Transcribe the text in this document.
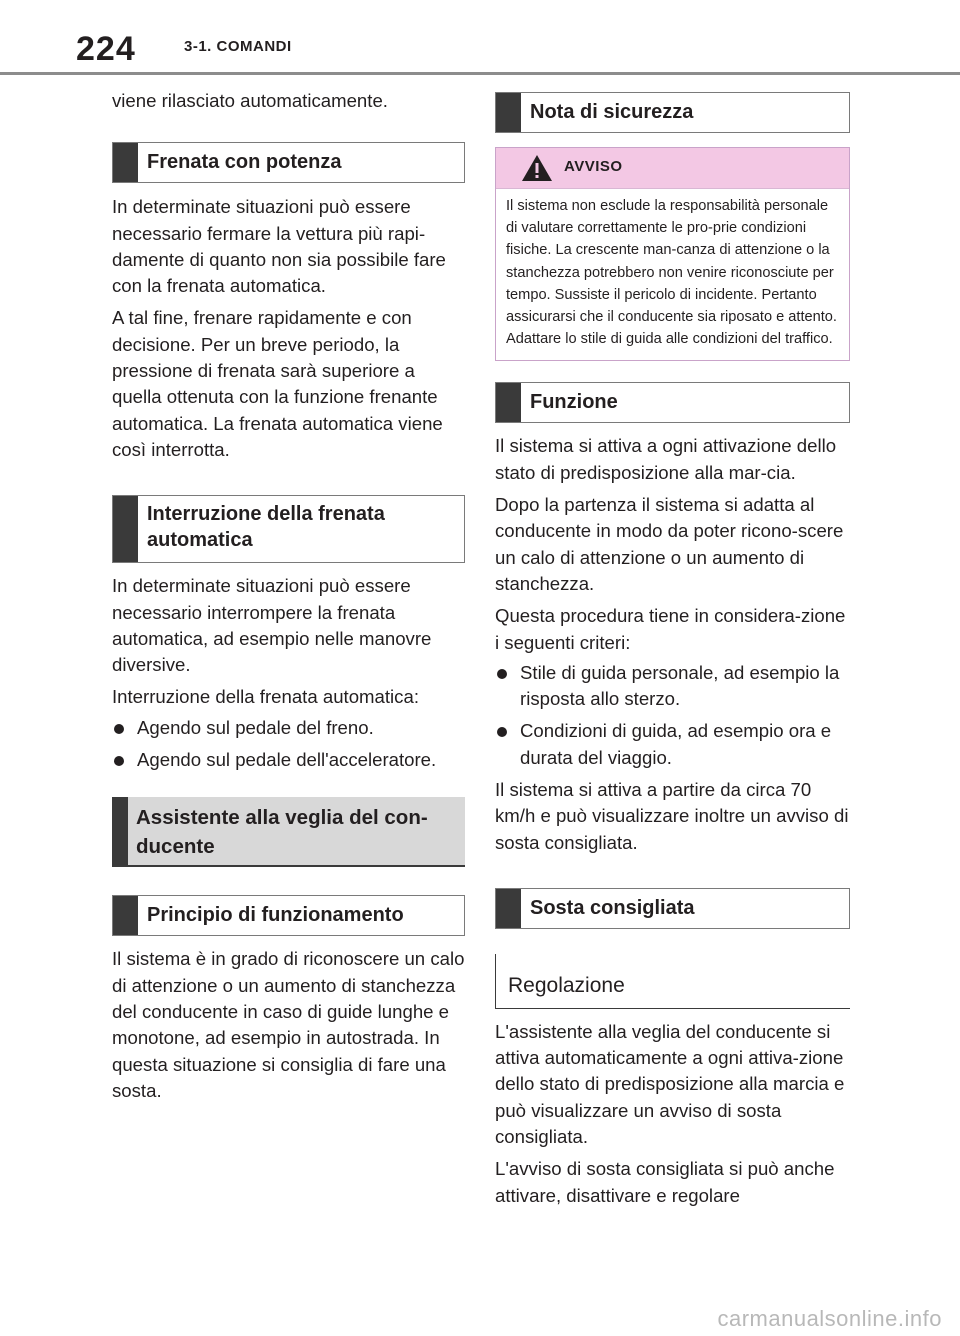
224	3-1. COMANDI

viene rilasciato automaticamente.

Frenata con potenza

In determinate situazioni può essere necessario fermare la vettura più rapi-damente di quanto non sia possibile fare con la frenata automatica.

A tal fine, frenare rapidamente e con decisione. Per un breve periodo, la pressione di frenata sarà superiore a quella ottenuta con la funzione frenante automatica. La frenata automatica viene così interrotta.

Interruzione della frenata automatica

In determinate situazioni può essere necessario interrompere la frenata automatica, ad esempio nelle manovre diversive.

Interruzione della frenata automatica:

Agendo sul pedale del freno.
Agendo sul pedale dell'acceleratore.
Assistente alla veglia del con-ducente
Principio di funzionamento

Il sistema è in grado di riconoscere un calo di attenzione o un aumento di stanchezza del conducente in caso di guide lunghe e monotone, ad esempio in autostrada. In questa situazione si consiglia di fare una sosta.

Nota di sicurezza
AVVISO
Il sistema non esclude la responsabilità personale di valutare correttamente le pro-prie condizioni fisiche. La crescente man-canza di attenzione o la stanchezza potrebbero non venire riconosciute per tempo. Sussiste il pericolo di incidente. Pertanto assicurarsi che il conducente sia riposato e attento. Adattare lo stile di guida alle condizioni del traffico.
Funzione

Il sistema si attiva a ogni attivazione dello stato di predisposizione alla mar-cia.

Dopo la partenza il sistema si adatta al conducente in modo da poter ricono-scere un calo di attenzione o un aumento di stanchezza.

Questa procedura tiene in considera-zione i seguenti criteri:

Stile di guida personale, ad esempio la risposta allo sterzo.
Condizioni di guida, ad esempio ora e durata del viaggio.

Il sistema si attiva a partire da circa 70 km/h e può visualizzare inoltre un avviso di sosta consigliata.

Sosta consigliata
Regolazione

L'assistente alla veglia del conducente si attiva automaticamente a ogni attiva-zione dello stato di predisposizione alla marcia e può visualizzare un avviso di sosta consigliata.

L'avviso di sosta consigliata si può anche attivare, disattivare e regolare

carmanualsonline.info
